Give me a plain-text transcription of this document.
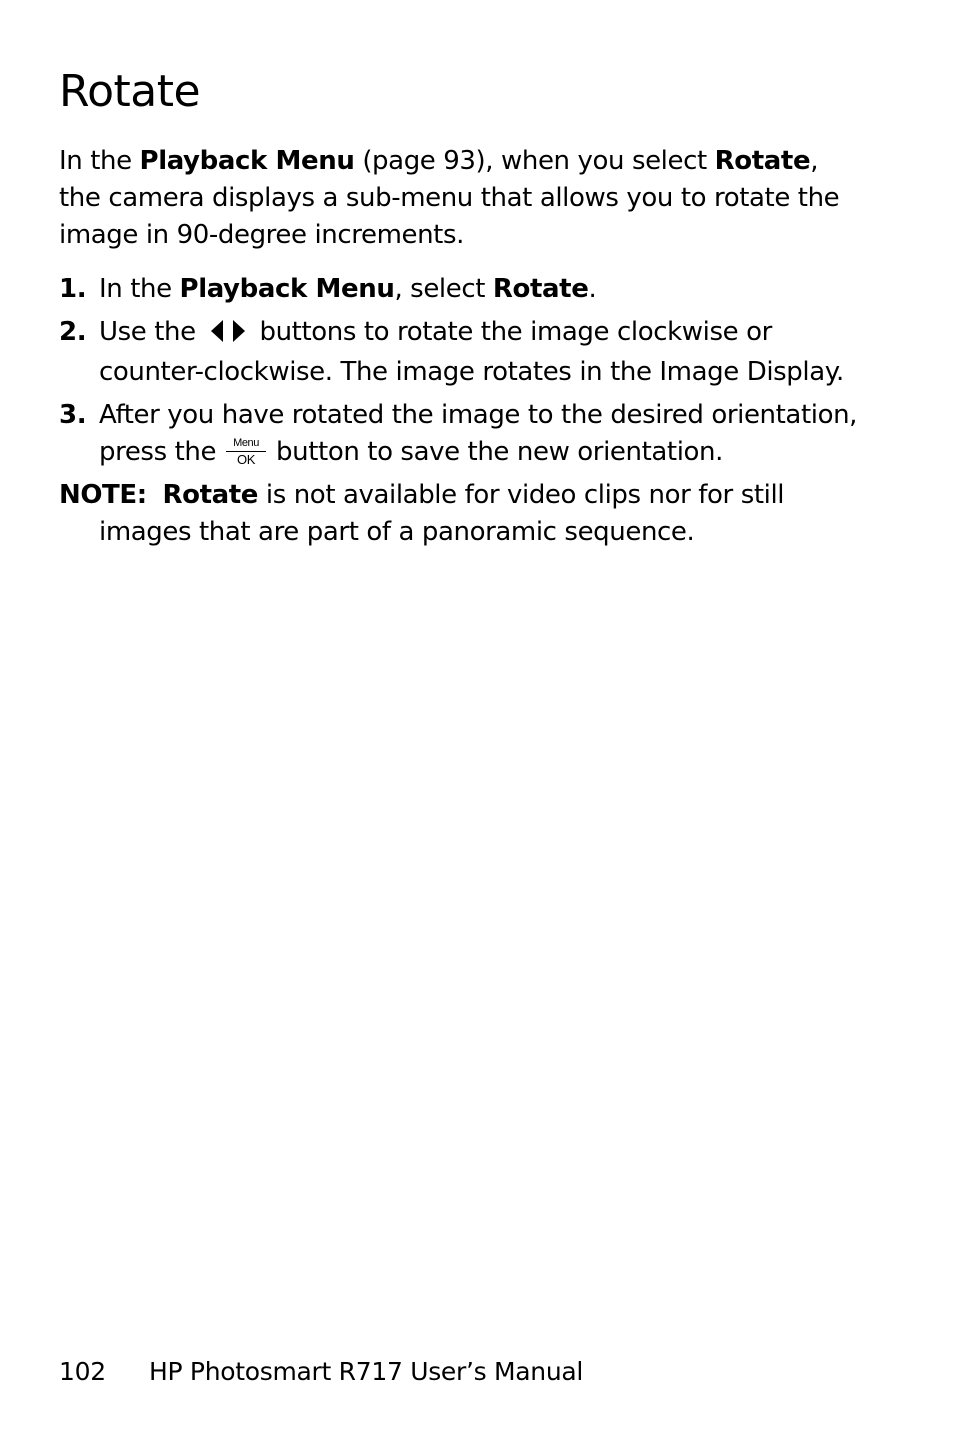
Rotate

In the Playback Menu (page 93), when you select Rotate, the camera displays a sub-menu that allows you to rotate the image in 90-degree increments.

1. In the Playback Menu, select Rotate.
2. Use the buttons to rotate the image clockwise or counter-clockwise. The image rotates in the Image Display.
3. After you have rotated the image to the desired orientation, press the	Menu
OK button to save the new orientation.
NOTE: Rotate is not available for video clips nor for still images that are part of a panoramic sequence.
102 HP Photosmart R717 User’s Manual
